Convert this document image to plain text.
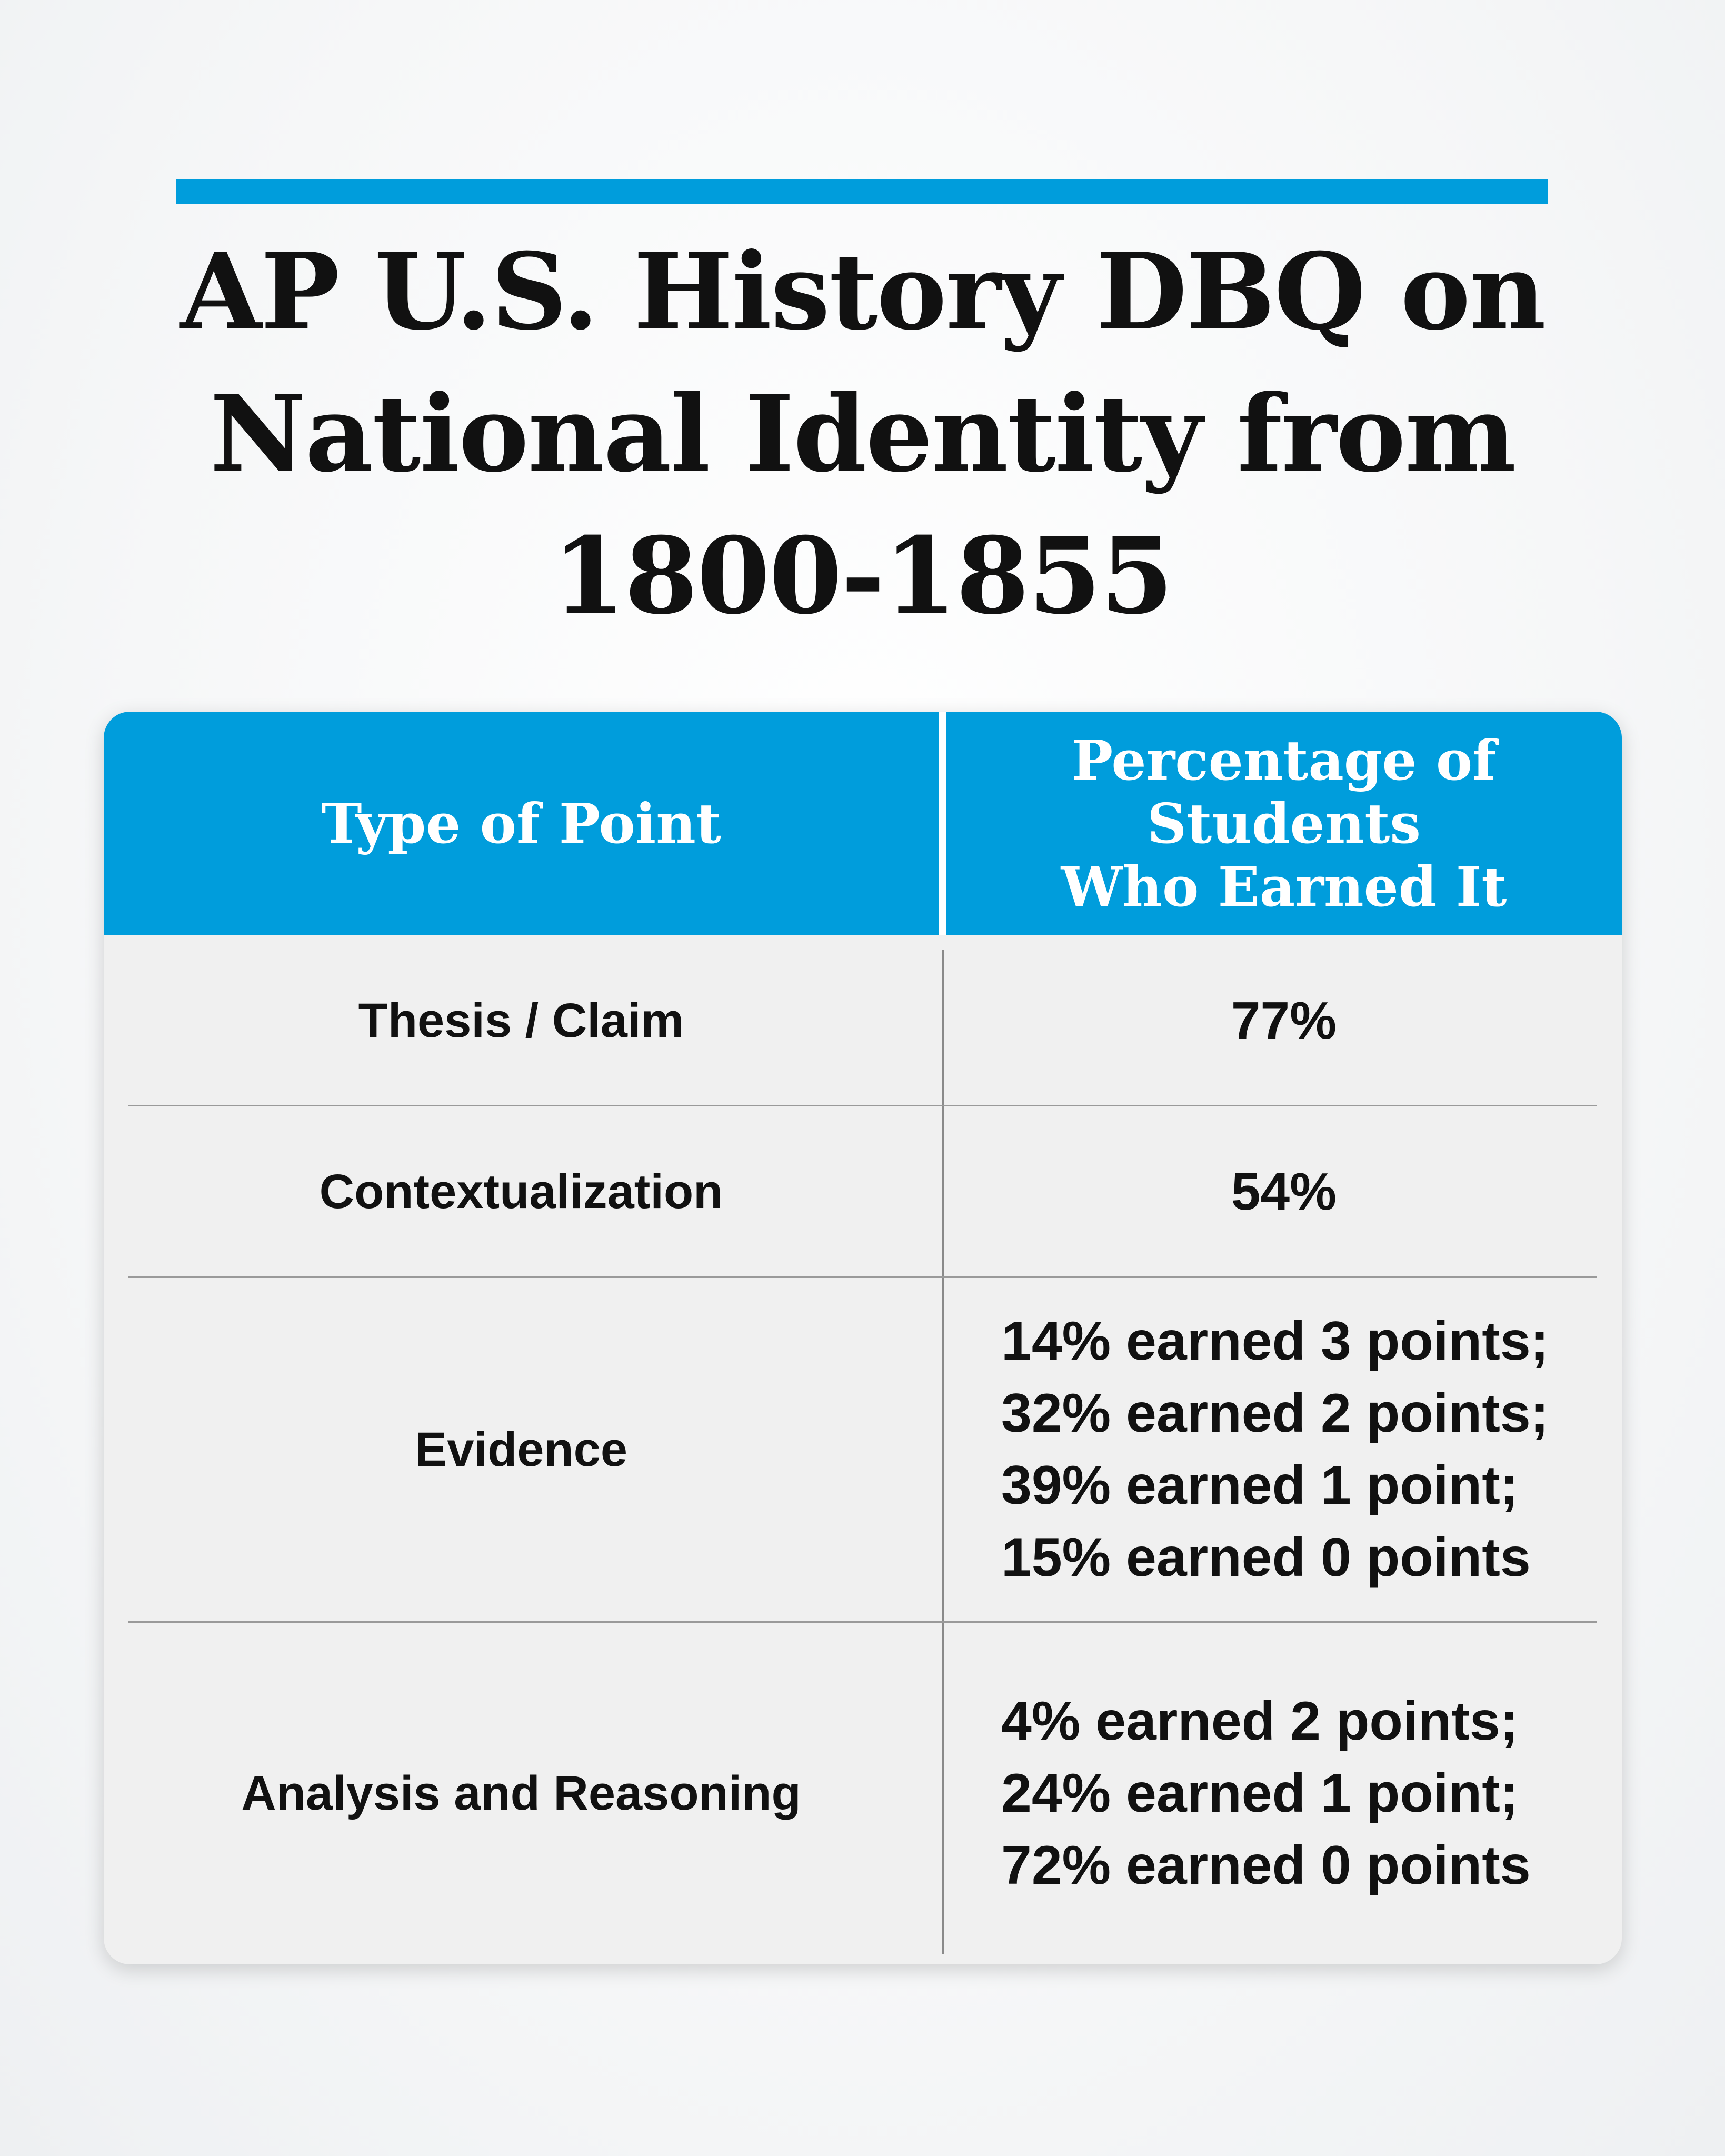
AP U.S. History DBQ on
National Identity from
1800-1855
Type of Point
Percentage of
Students
Who Earned It
Thesis / Claim	77%
Contextualization	54%
Evidence
14% earned 3 points;
32% earned 2 points;
39% earned 1 point;
15% earned 0 points
Analysis and Reasoning
4% earned 2 points;
24% earned 1 point;
72% earned 0 points
